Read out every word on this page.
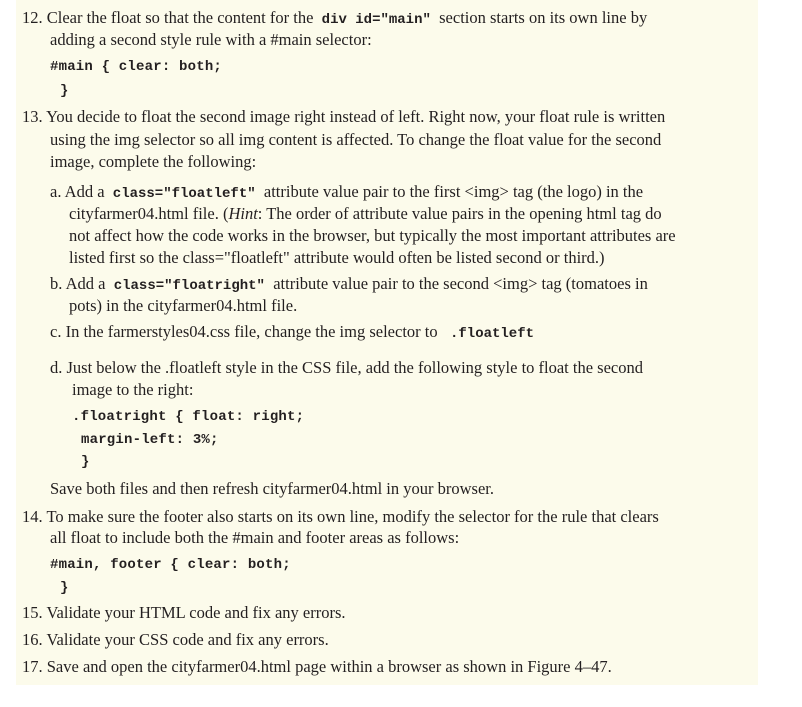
12. Clear the float so that the content for the div id="main" section starts on its own line by
adding a second style rule with a #main selector:
#main { clear: both;
}
13. You decide to float the second image right instead of left. Right now, your float rule is written
using the img selector so all img content is affected. To change the float value for the second
image, complete the following:
a. Add a class="floatleft" attribute value pair to the first <img> tag (the logo) in the
cityfarmer04.html file. (Hint: The order of attribute value pairs in the opening html tag do
not affect how the code works in the browser, but typically the most important attributes are
listed first so the class="floatleft" attribute would often be listed second or third.)
b. Add a class="floatright" attribute value pair to the second <img> tag (tomatoes in
pots) in the cityfarmer04.html file.
c. In the farmerstyles04.css file, change the img selector to .floatleft
d. Just below the .floatleft style in the CSS file, add the following style to float the second
image to the right:
.floatright { float: right;
margin-left: 3%;
}
Save both files and then refresh cityfarmer04.html in your browser.
14. To make sure the footer also starts on its own line, modify the selector for the rule that clears
all float to include both the #main and footer areas as follows:
#main, footer { clear: both;
}
15. Validate your HTML code and fix any errors.
16. Validate your CSS code and fix any errors.
17. Save and open the cityfarmer04.html page within a browser as shown in Figure 4–47.
